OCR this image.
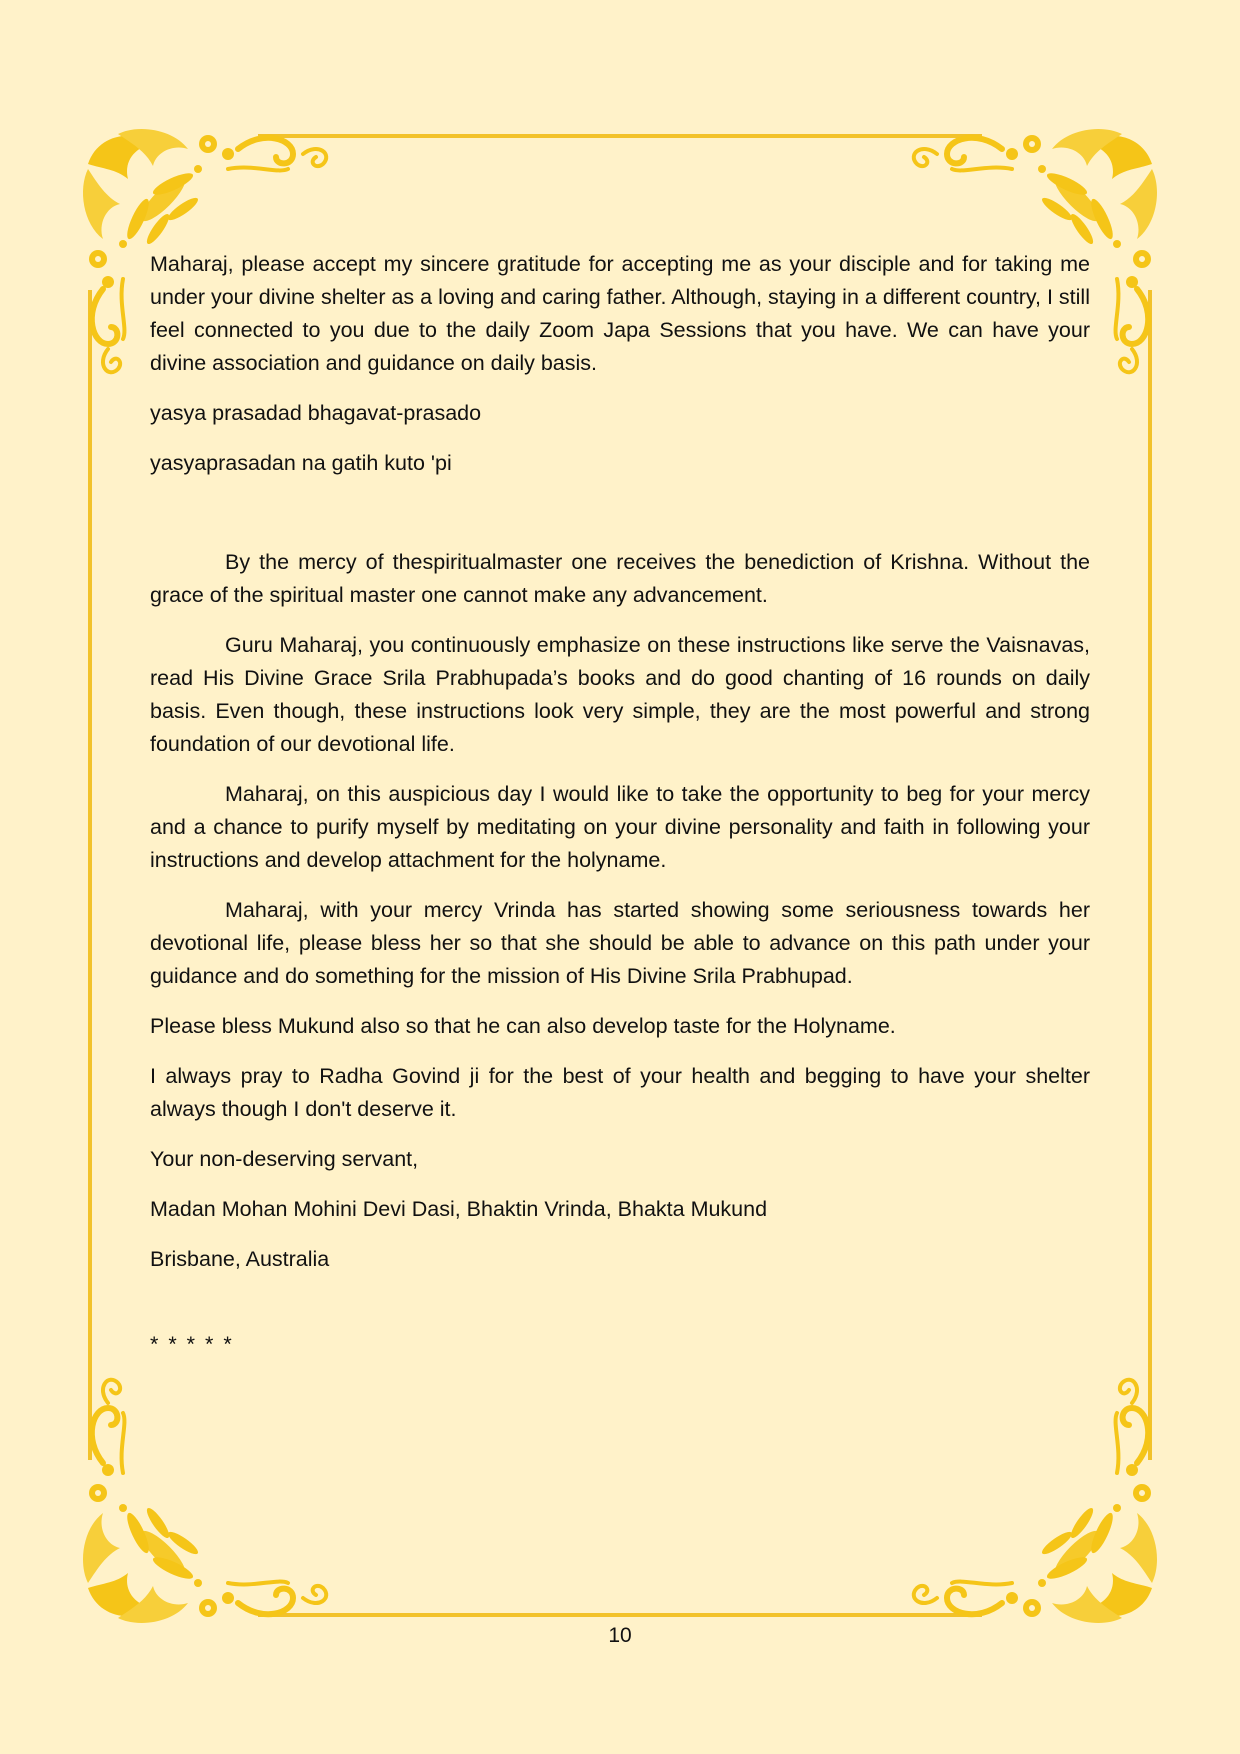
Maharaj, please accept my sincere gratitude for accepting me as your disciple and for taking me under your divine shelter as a loving and caring father. Although, staying in a different country, I still feel connected to you due to the daily Zoom Japa Sessions that you have. We can have your divine association and guidance on daily basis.

yasya prasadad bhagavat-prasado

yasyaprasadan na gatih kuto 'pi

By the mercy of thespiritualmaster one receives the benediction of Krishna. Without the grace of the spiritual master one cannot make any advancement.

Guru Maharaj, you continuously emphasize on these instructions like serve the Vaisnavas, read His Divine Grace Srila Prabhupada’s books and do good chanting of 16 rounds on daily basis. Even though, these instructions look very simple, they are the most powerful and strong foundation of our devotional life.

Maharaj, on this auspicious day I would like to take the opportunity to beg for your mercy and a chance to purify myself by meditating on your divine personality and faith in following your instructions and develop attachment for the holyname.

Maharaj, with your mercy Vrinda has started showing some seriousness towards her devotional life, please bless her so that she should be able to advance on this path under your guidance and do something for the mission of His Divine Srila Prabhupad.

Please bless Mukund also so that he can also develop taste for the Holyname.

I always pray to Radha Govind ji for the best of your health and begging to have your shelter always though I don't deserve it.

Your non-deserving servant,

Madan Mohan Mohini Devi Dasi, Bhaktin Vrinda, Bhakta Mukund

Brisbane, Australia

* * * * *

10
